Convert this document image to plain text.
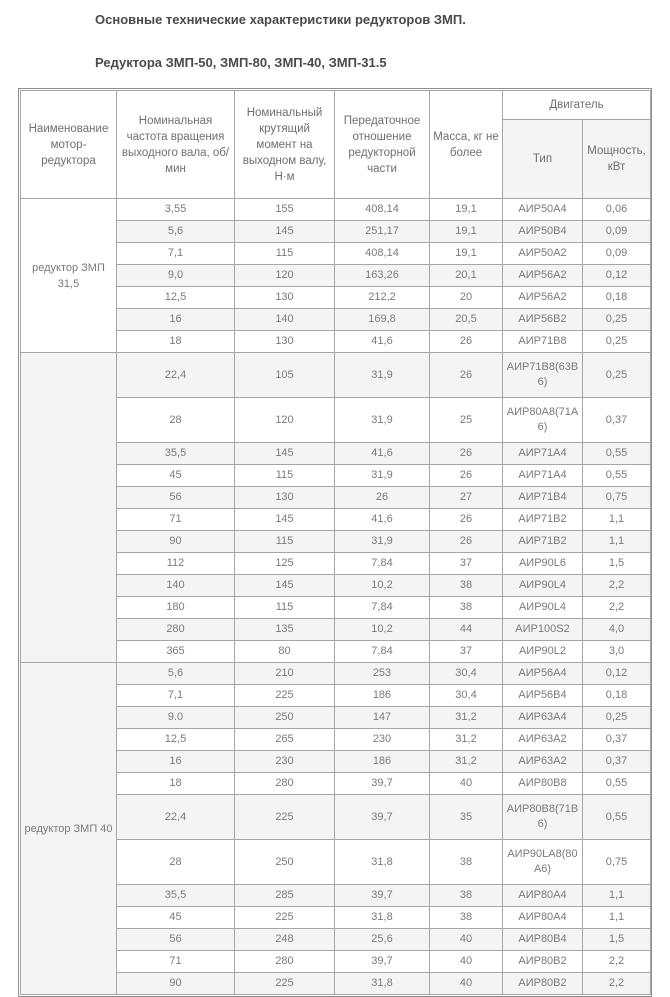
Основные технические характеристики редукторов ЗМП.
Редуктора ЗМП-50, ЗМП-80, ЗМП-40, ЗМП-31.5
Наименование мотор-редуктора	Номинальная частота вращения выходного вала, об/ мин	Номинальный крутящий момент на выходном валу, Н·м	Передаточное отношение редукторной части	Масса, кг не более	Двигатель	
					Тип	Мощность, кВт
редуктор ЗМП 31,5	3,55	155	408,14	19,1	АИР50А4	0,06
	5,6	145	251,17	19,1	АИР50В4	0,09
	7,1	115	408,14	19,1	АИР50А2	0,09
	9,0	120	163,26	20,1	АИР56А2	0,12
	12,5	130	212,2	20	АИР56А2	0,18
	16	140	169,8	20,5	АИР56В2	0,25
	18	130	41,6	26	АИР71В8	0,25
	22,4	105	31,9	26	АИР71В8(63В6)	0,25
	28	120	31,9	25	АИР80А8(71А6)	0,37
	35,5	145	41,6	26	АИР71А4	0,55
	45	115	31,9	26	АИР71А4	0,55
	56	130	26	27	АИР71В4	0,75
	71	145	41,6	26	АИР71В2	1,1
	90	115	31,9	26	АИР71В2	1,1
	112	125	7,84	37	АИР90L6	1,5
	140	145	10,2	38	АИР90L4	2,2
	180	115	7,84	38	АИР90L4	2,2
	280	135	10,2	44	АИР100S2	4,0
	365	80	7,84	37	АИР90L2	3,0
редуктор ЗМП 40	5,6	210	253	30,4	АИР56А4	0,12
	7,1	225	186	30,4	АИР56В4	0,18
	9.0	250	147	31,2	АИР63А4	0,25
	12,5	265	230	31,2	АИР63А2	0,37
	16	230	186	31,2	АИР63А2	0,37
	18	280	39,7	40	АИР80В8	0,55
	22,4	225	39,7	35	АИР80В8(71В6)	0,55
	28	250	31,8	38	АИР90LA8(80А6)	0,75
	35,5	285	39,7	38	АИР80А4	1,1
	45	225	31,8	38	АИР80А4	1,1
	56	248	25,6	40	АИР80В4	1,5
	71	280	39,7	40	АИР80В2	2,2
	90	225	31,8	40	АИР80В2	2,2
